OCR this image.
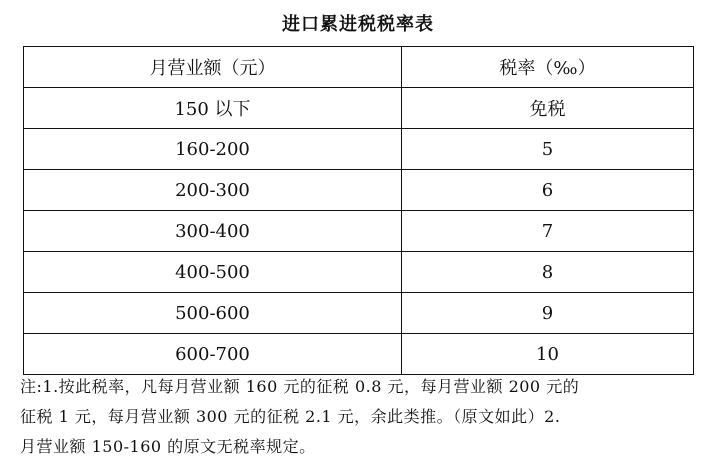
进口累进税税率表
月营业额（元）	税率（‰）
150 以下	免税
160-200	5
200-300	6
300-400	7
400-500	8
500-600	9
600-700	10
注:1.按此税率，凡每月营业额 160 元的征税 0.8 元，每月营业额 200 元的
征税 1 元，每月营业额 300 元的征税 2.1 元，余此类推。（原文如此）2.
月营业额 150-160 的原文无税率规定。
